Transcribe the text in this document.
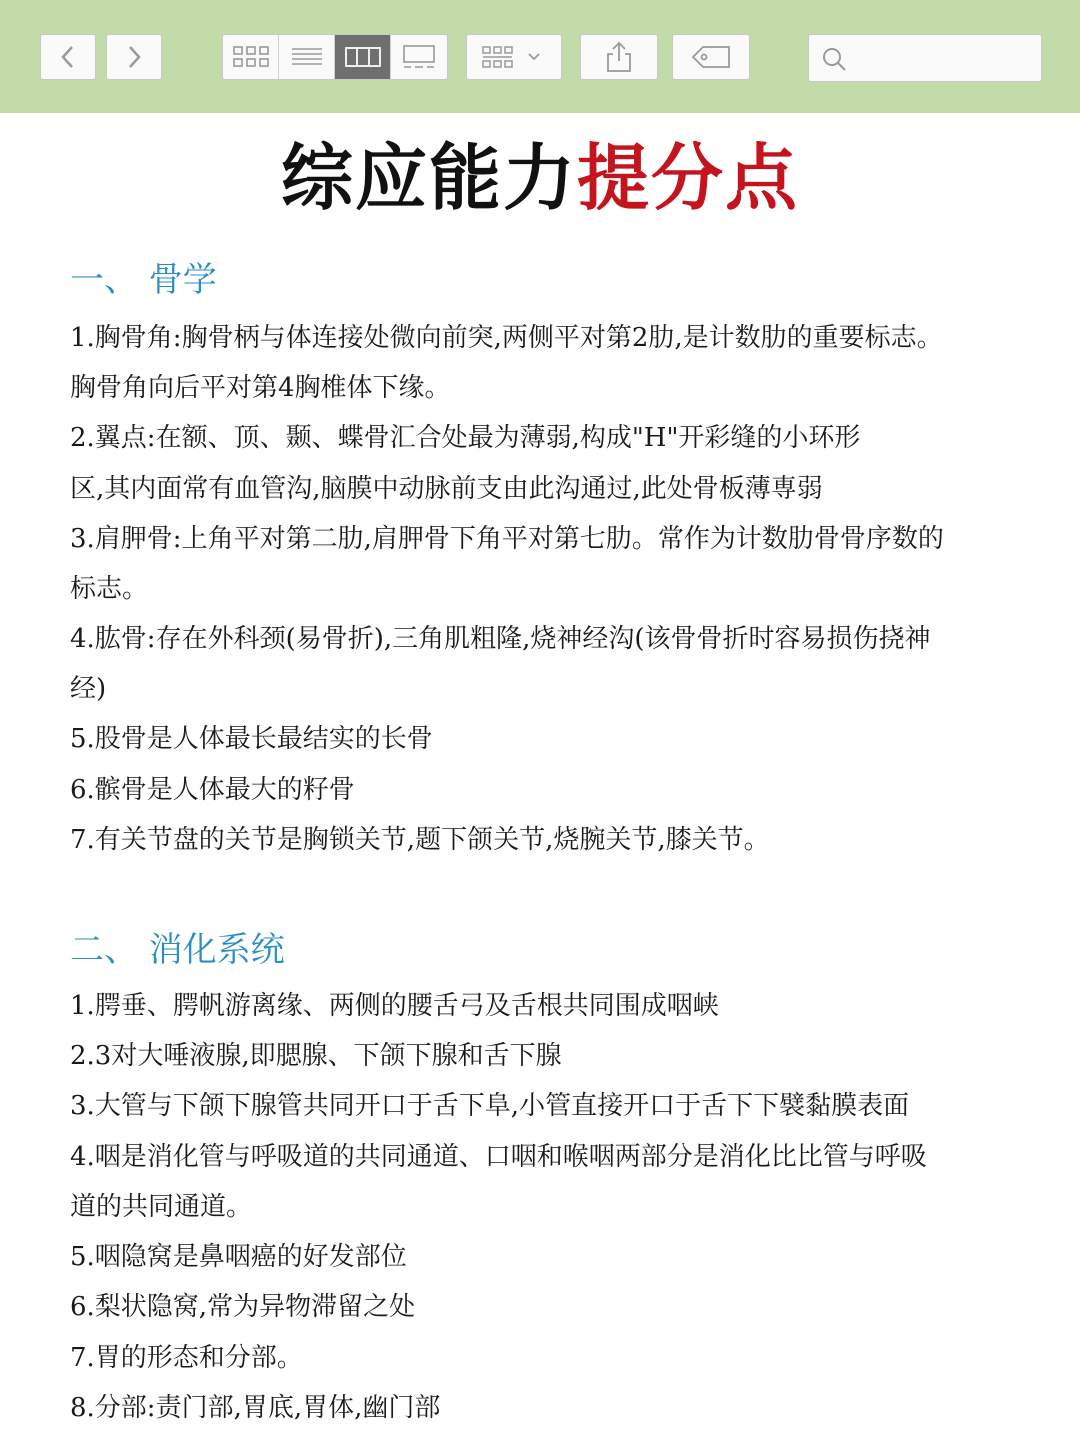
综应能力提分点
一、 骨学
1.胸骨角:胸骨柄与体连接处微向前突,两侧平对第2肋,是计数肋的重要标志。
胸骨角向后平对第4胸椎体下缘。
2.翼点:在额、顶、颞、蝶骨汇合处最为薄弱,构成"H"开彩缝的小环形
区,其内面常有血管沟,脑膜中动脉前支由此沟通过,此处骨板薄専弱
3.肩胛骨:上角平对第二肋,肩胛骨下角平对第七肋。常作为计数肋骨骨序数的
标志。
4.肱骨:存在外科颈(易骨折),三角肌粗隆,烧神经沟(该骨骨折时容易损伤挠神
经)
5.股骨是人体最长最结实的长骨
6.髌骨是人体最大的籽骨
7.有关节盘的关节是胸锁关节,题下颌关节,烧腕关节,膝关节。
二、 消化系统
1.腭垂、腭帆游离缘、两侧的腰舌弓及舌根共同围成咽峡
2.3对大唾液腺,即腮腺、下颌下腺和舌下腺
3.大管与下颌下腺管共同开口于舌下阜,小管直接开口于舌下下襞黏膜表面
4.咽是消化管与呼吸道的共同通道、口咽和喉咽两部分是消化比比管与呼吸
道的共同通道。
5.咽隐窝是鼻咽癌的好发部位
6.梨状隐窝,常为异物滞留之处
7.胃的形态和分部。
8.分部:责门部,胃底,胃体,幽门部
